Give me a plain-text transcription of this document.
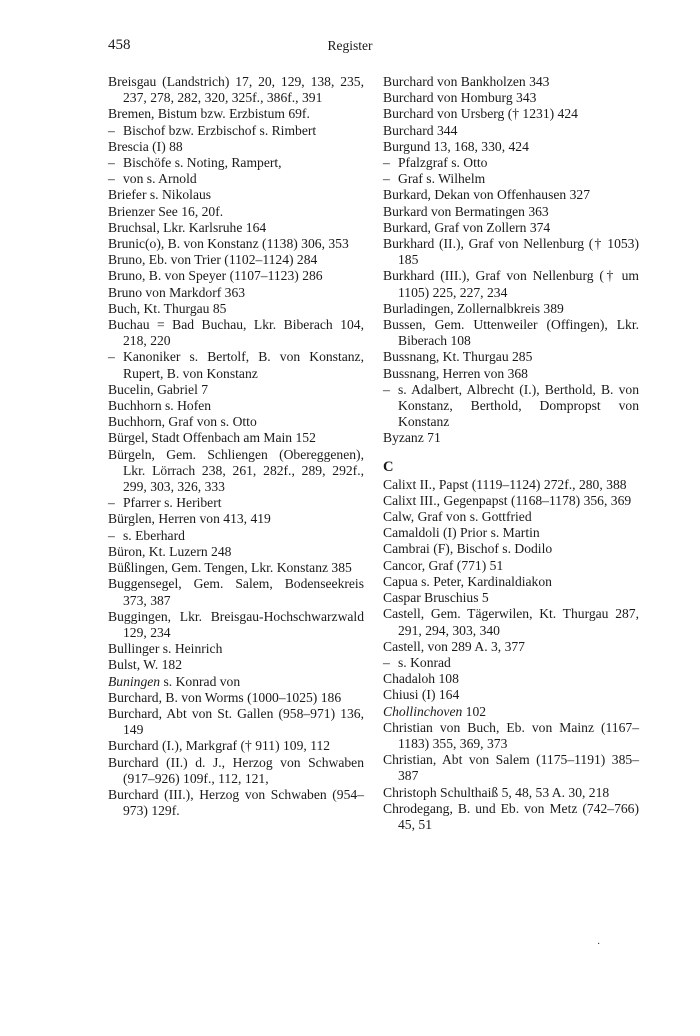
458	Register
Breisgau (Landstrich) 17, 20, 129, 138, 235, 237, 278, 282, 320, 325f., 386f., 391
Bremen, Bistum bzw. Erzbistum 69f.
– Bischof bzw. Erzbischof s. Rimbert
Brescia (I) 88
– Bischöfe s. Noting, Rampert,
– von s. Arnold
Briefer s. Nikolaus
Brienzer See 16, 20f.
Bruchsal, Lkr. Karlsruhe 164
Brunic(o), B. von Konstanz (1138) 306, 353
Bruno, Eb. von Trier (1102–1124) 284
Bruno, B. von Speyer (1107–1123) 286
Bruno von Markdorf 363
Buch, Kt. Thurgau 85
Buchau = Bad Buchau, Lkr. Biberach 104, 218, 220
– Kanoniker s. Bertolf, B. von Konstanz, Rupert, B. von Konstanz
Bucelin, Gabriel 7
Buchhorn s. Hofen
Buchhorn, Graf von s. Otto
Bürgel, Stadt Offenbach am Main 152
Bürgeln, Gem. Schliengen (Obereggenen), Lkr. Lörrach 238, 261, 282f., 289, 292f., 299, 303, 326, 333
– Pfarrer s. Heribert
Bürglen, Herren von 413, 419
– s. Eberhard
Büron, Kt. Luzern 248
Büßlingen, Gem. Tengen, Lkr. Konstanz 385
Buggensegel, Gem. Salem, Bodenseekreis 373, 387
Buggingen, Lkr. Breisgau-Hochschwarzwald 129, 234
Bullinger s. Heinrich
Bulst, W. 182
Buningen s. Konrad von
Burchard, B. von Worms (1000–1025) 186
Burchard, Abt von St. Gallen (958–971) 136, 149
Burchard (I.), Markgraf († 911) 109, 112
Burchard (II.) d. J., Herzog von Schwaben (917–926) 109f., 112, 121,
Burchard (III.), Herzog von Schwaben (954–973) 129f.
Burchard von Bankholzen 343
Burchard von Homburg 343
Burchard von Ursberg († 1231) 424
Burchard 344
Burgund 13, 168, 330, 424
– Pfalzgraf s. Otto
– Graf s. Wilhelm
Burkard, Dekan von Offenhausen 327
Burkard von Bermatingen 363
Burkard, Graf von Zollern 374
Burkhard (II.), Graf von Nellenburg († 1053) 185
Burkhard (III.), Graf von Nellenburg († um 1105) 225, 227, 234
Burladingen, Zollernalbkreis 389
Bussen, Gem. Uttenweiler (Offingen), Lkr. Biberach 108
Bussnang, Kt. Thurgau 285
Bussnang, Herren von 368
– s. Adalbert, Albrecht (I.), Berthold, B. von Konstanz, Berthold, Dompropst von Konstanz
Byzanz 71
C
Calixt II., Papst (1119–1124) 272f., 280, 388
Calixt III., Gegenpapst (1168–1178) 356, 369
Calw, Graf von s. Gottfried
Camaldoli (I) Prior s. Martin
Cambrai (F), Bischof s. Dodilo
Cancor, Graf (771) 51
Capua s. Peter, Kardinaldiakon
Caspar Bruschius 5
Castell, Gem. Tägerwilen, Kt. Thurgau 287, 291, 294, 303, 340
Castell, von 289 A. 3, 377
– s. Konrad
Chadaloh 108
Chiusi (I) 164
Chollinchoven 102
Christian von Buch, Eb. von Mainz (1167–1183) 355, 369, 373
Christian, Abt von Salem (1175–1191) 385–387
Christoph Schulthaiß 5, 48, 53 A. 30, 218
Chrodegang, B. und Eb. von Metz (742–766) 45, 51
·
